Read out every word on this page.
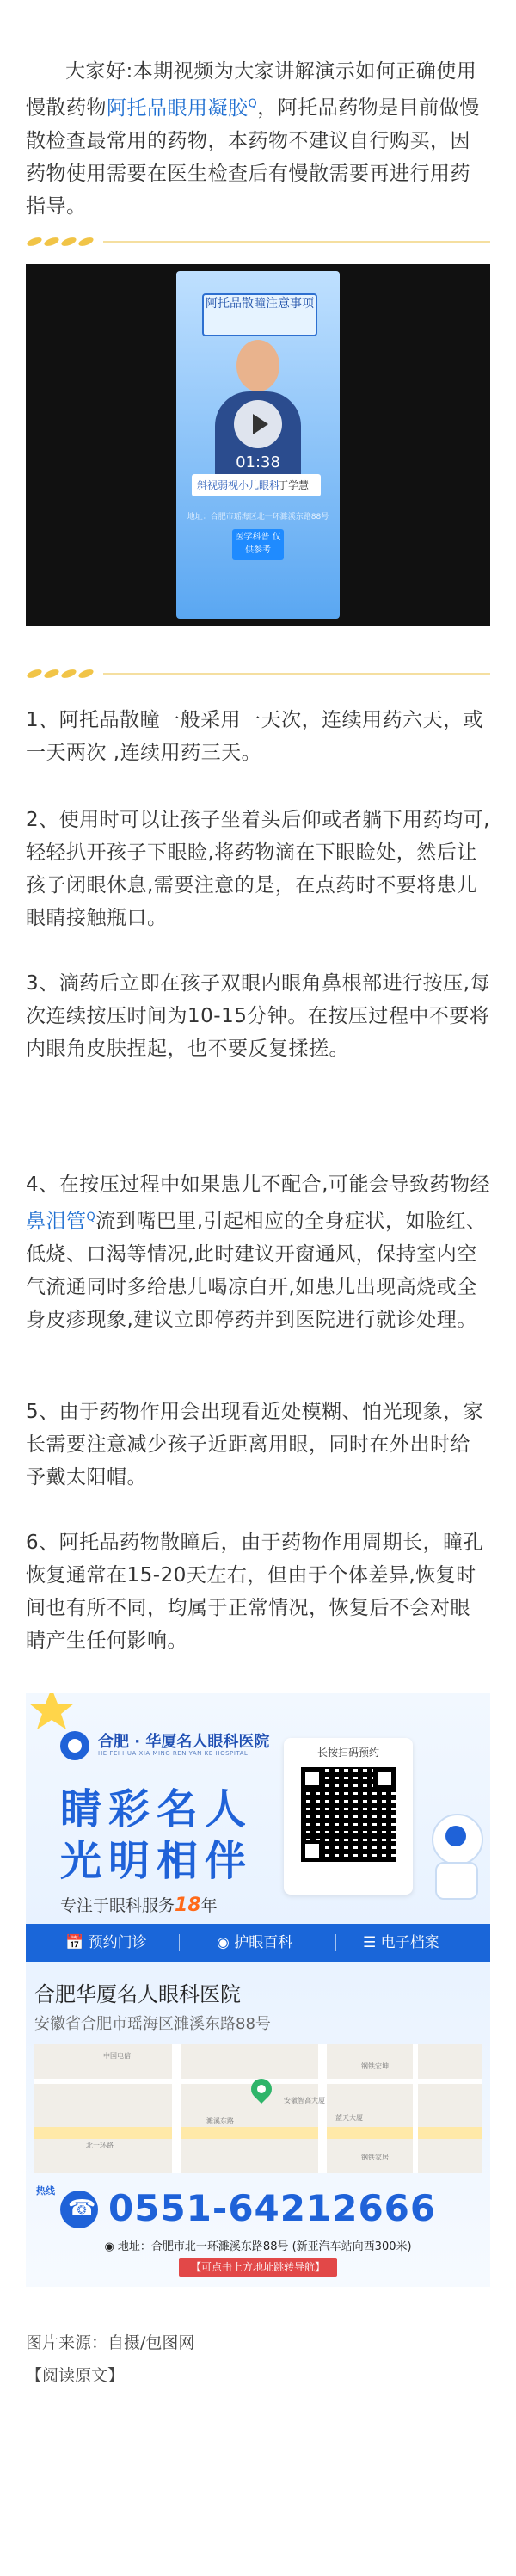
大家好:本期视频为大家讲解演示如何正确使用慢散药物阿托品眼用凝胶$^Q$，阿托品药物是目前做慢散检查最常用的药物，本药物不建议自行购买，因药物使用需要在医生检查后有慢散需要再进行用药指导。
阿托品散瞳注意事项
01:38
斜视弱视小儿眼科
丁学慧
地址：合肥市瑶海区北一环濉溪东路88号
医学科普 仅供参考
1、阿托品散瞳一般采用一天次，连续用药六天，或一天两次 ,连续用药三天。
2、使用时可以让孩子坐着头后仰或者躺下用药均可,轻轻扒开孩子下眼睑,将药物滴在下眼睑处，然后让孩子闭眼休息,需要注意的是，在点药时不要将患儿眼睛接触瓶口。
3、滴药后立即在孩子双眼内眼角鼻根部进行按压,每次连续按压时间为10-15分钟。在按压过程中不要将内眼角皮肤捏起，也不要反复揉搓。
4、在按压过程中如果患儿不配合,可能会导致药物经鼻泪管$^Q$流到嘴巴里,引起相应的全身症状，如脸红、低烧、口渴等情况,此时建议开窗通风，保持室内空气流通同时多给患儿喝凉白开,如患儿出现高烧或全身皮疹现象,建议立即停药并到医院进行就诊处理。
5、由于药物作用会出现看近处模糊、怕光现象，家长需要注意减少孩子近距离用眼，同时在外出时给予戴太阳帽。
6、阿托品药物散瞳后，由于药物作用周期长，瞳孔恢复通常在15-20天左右，但由于个体差异,恢复时间也有所不同，均属于正常情况，恢复后不会对眼睛产生任何影响。
合肥 · 华厦名人眼科医院
HE FEI HUA XIA MING REN YAN KE HOSPITAL
睛彩名人
光明相伴
专注于眼科服务18年
长按扫码预约
📅 预约门诊	◉ 护眼百科	☰ 电子档案
合肥华厦名人眼科医院
安徽省合肥市瑶海区濉溪东路88号
中国电信
北一环路
安徽智高大厦
蓝天大厦
钢铁宏坤
钢铁家居
濉溪东路
热线
☎ 0551-64212666
◉ 地址：合肥市北一环濉溪东路88号 (新亚汽车站向西300米)
【可点击上方地址跳转导航】
图片来源：自摄/包图网
【阅读原文】
